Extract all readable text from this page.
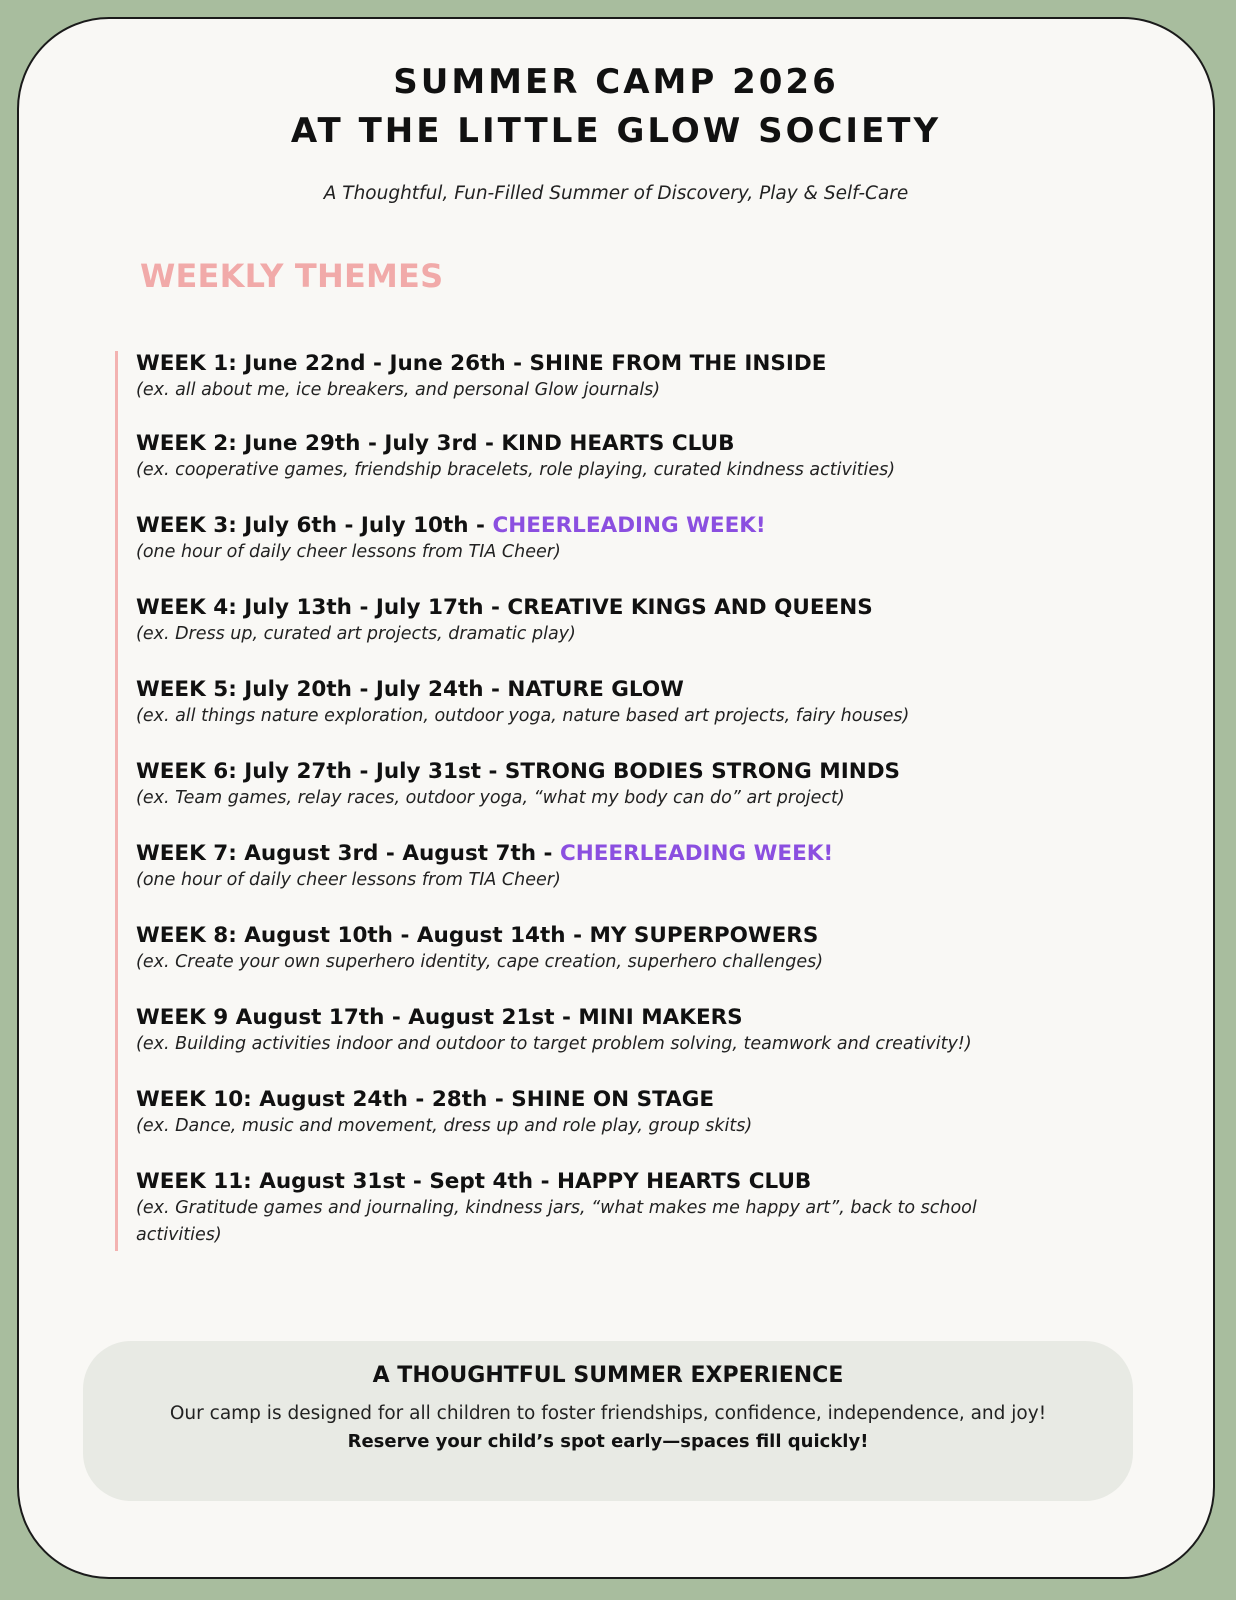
SUMMER CAMP 2026
AT THE LITTLE GLOW SOCIETY
A Thoughtful, Fun-Filled Summer of Discovery, Play & Self-Care
WEEKLY THEMES
WEEK 1: June 22nd - June 26th - SHINE FROM THE INSIDE
(ex. all about me, ice breakers, and personal Glow journals)
WEEK 2: June 29th - July 3rd - KIND HEARTS CLUB
(ex. cooperative games, friendship bracelets, role playing, curated kindness activities)
WEEK 3: July 6th - July 10th - CHEERLEADING WEEK!
(one hour of daily cheer lessons from TIA Cheer)
WEEK 4: July 13th - July 17th - CREATIVE KINGS AND QUEENS
(ex. Dress up, curated art projects, dramatic play)
WEEK 5: July 20th - July 24th - NATURE GLOW
(ex. all things nature exploration, outdoor yoga, nature based art projects, fairy houses)
WEEK 6: July 27th - July 31st - STRONG BODIES STRONG MINDS
(ex. Team games, relay races, outdoor yoga, “what my body can do” art project)
WEEK 7: August 3rd - August 7th - CHEERLEADING WEEK!
(one hour of daily cheer lessons from TIA Cheer)
WEEK 8: August 10th - August 14th - MY SUPERPOWERS
(ex. Create your own superhero identity, cape creation, superhero challenges)
WEEK 9 August 17th - August 21st - MINI MAKERS
(ex. Building activities indoor and outdoor to target problem solving, teamwork and creativity!)
WEEK 10: August 24th - 28th - SHINE ON STAGE
(ex. Dance, music and movement, dress up and role play, group skits)
WEEK 11: August 31st - Sept 4th - HAPPY HEARTS CLUB
(ex. Gratitude games and journaling, kindness jars, “what makes me happy art”, back to school activities)
A THOUGHTFUL SUMMER EXPERIENCE
Our camp is designed for all children to foster friendships, confidence, independence, and joy!
Reserve your child’s spot early—spaces fill quickly!
